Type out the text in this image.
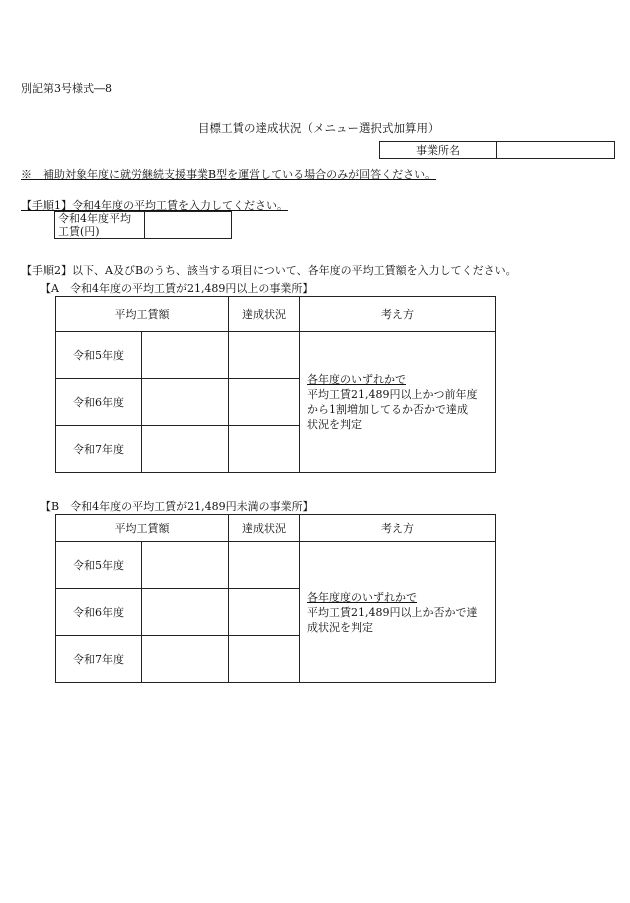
別記第3号様式―8
目標工賃の達成状況（メニュー選択式加算用）
事業所名	
※　補助対象年度に就労継続支援事業B型を運営している場合のみが回答ください。
【手順1】令和4年度の平均工賃を入力してください。
令和4年度平均
工賃(円)

【手順2】以下、A及びBのうち、該当する項目について、各年度の平均工賃額を入力してください。
【A　令和4年度の平均工賃が21,489円以上の事業所】
平均工賃額		達成状況	考え方
令和5年度			各年度のいずれかで
平均工賃21,489円以上かつ前年度
から1割増加してるか否かで達成
状況を判定

令和6年度			
令和7年度			
【B　令和4年度の平均工賃が21,489円未満の事業所】
平均工賃額		達成状況	考え方
令和5年度			各年度度のいずれかで
平均工賃21,489円以上か否かで達
成状況を判定

令和6年度			
令和7年度			
